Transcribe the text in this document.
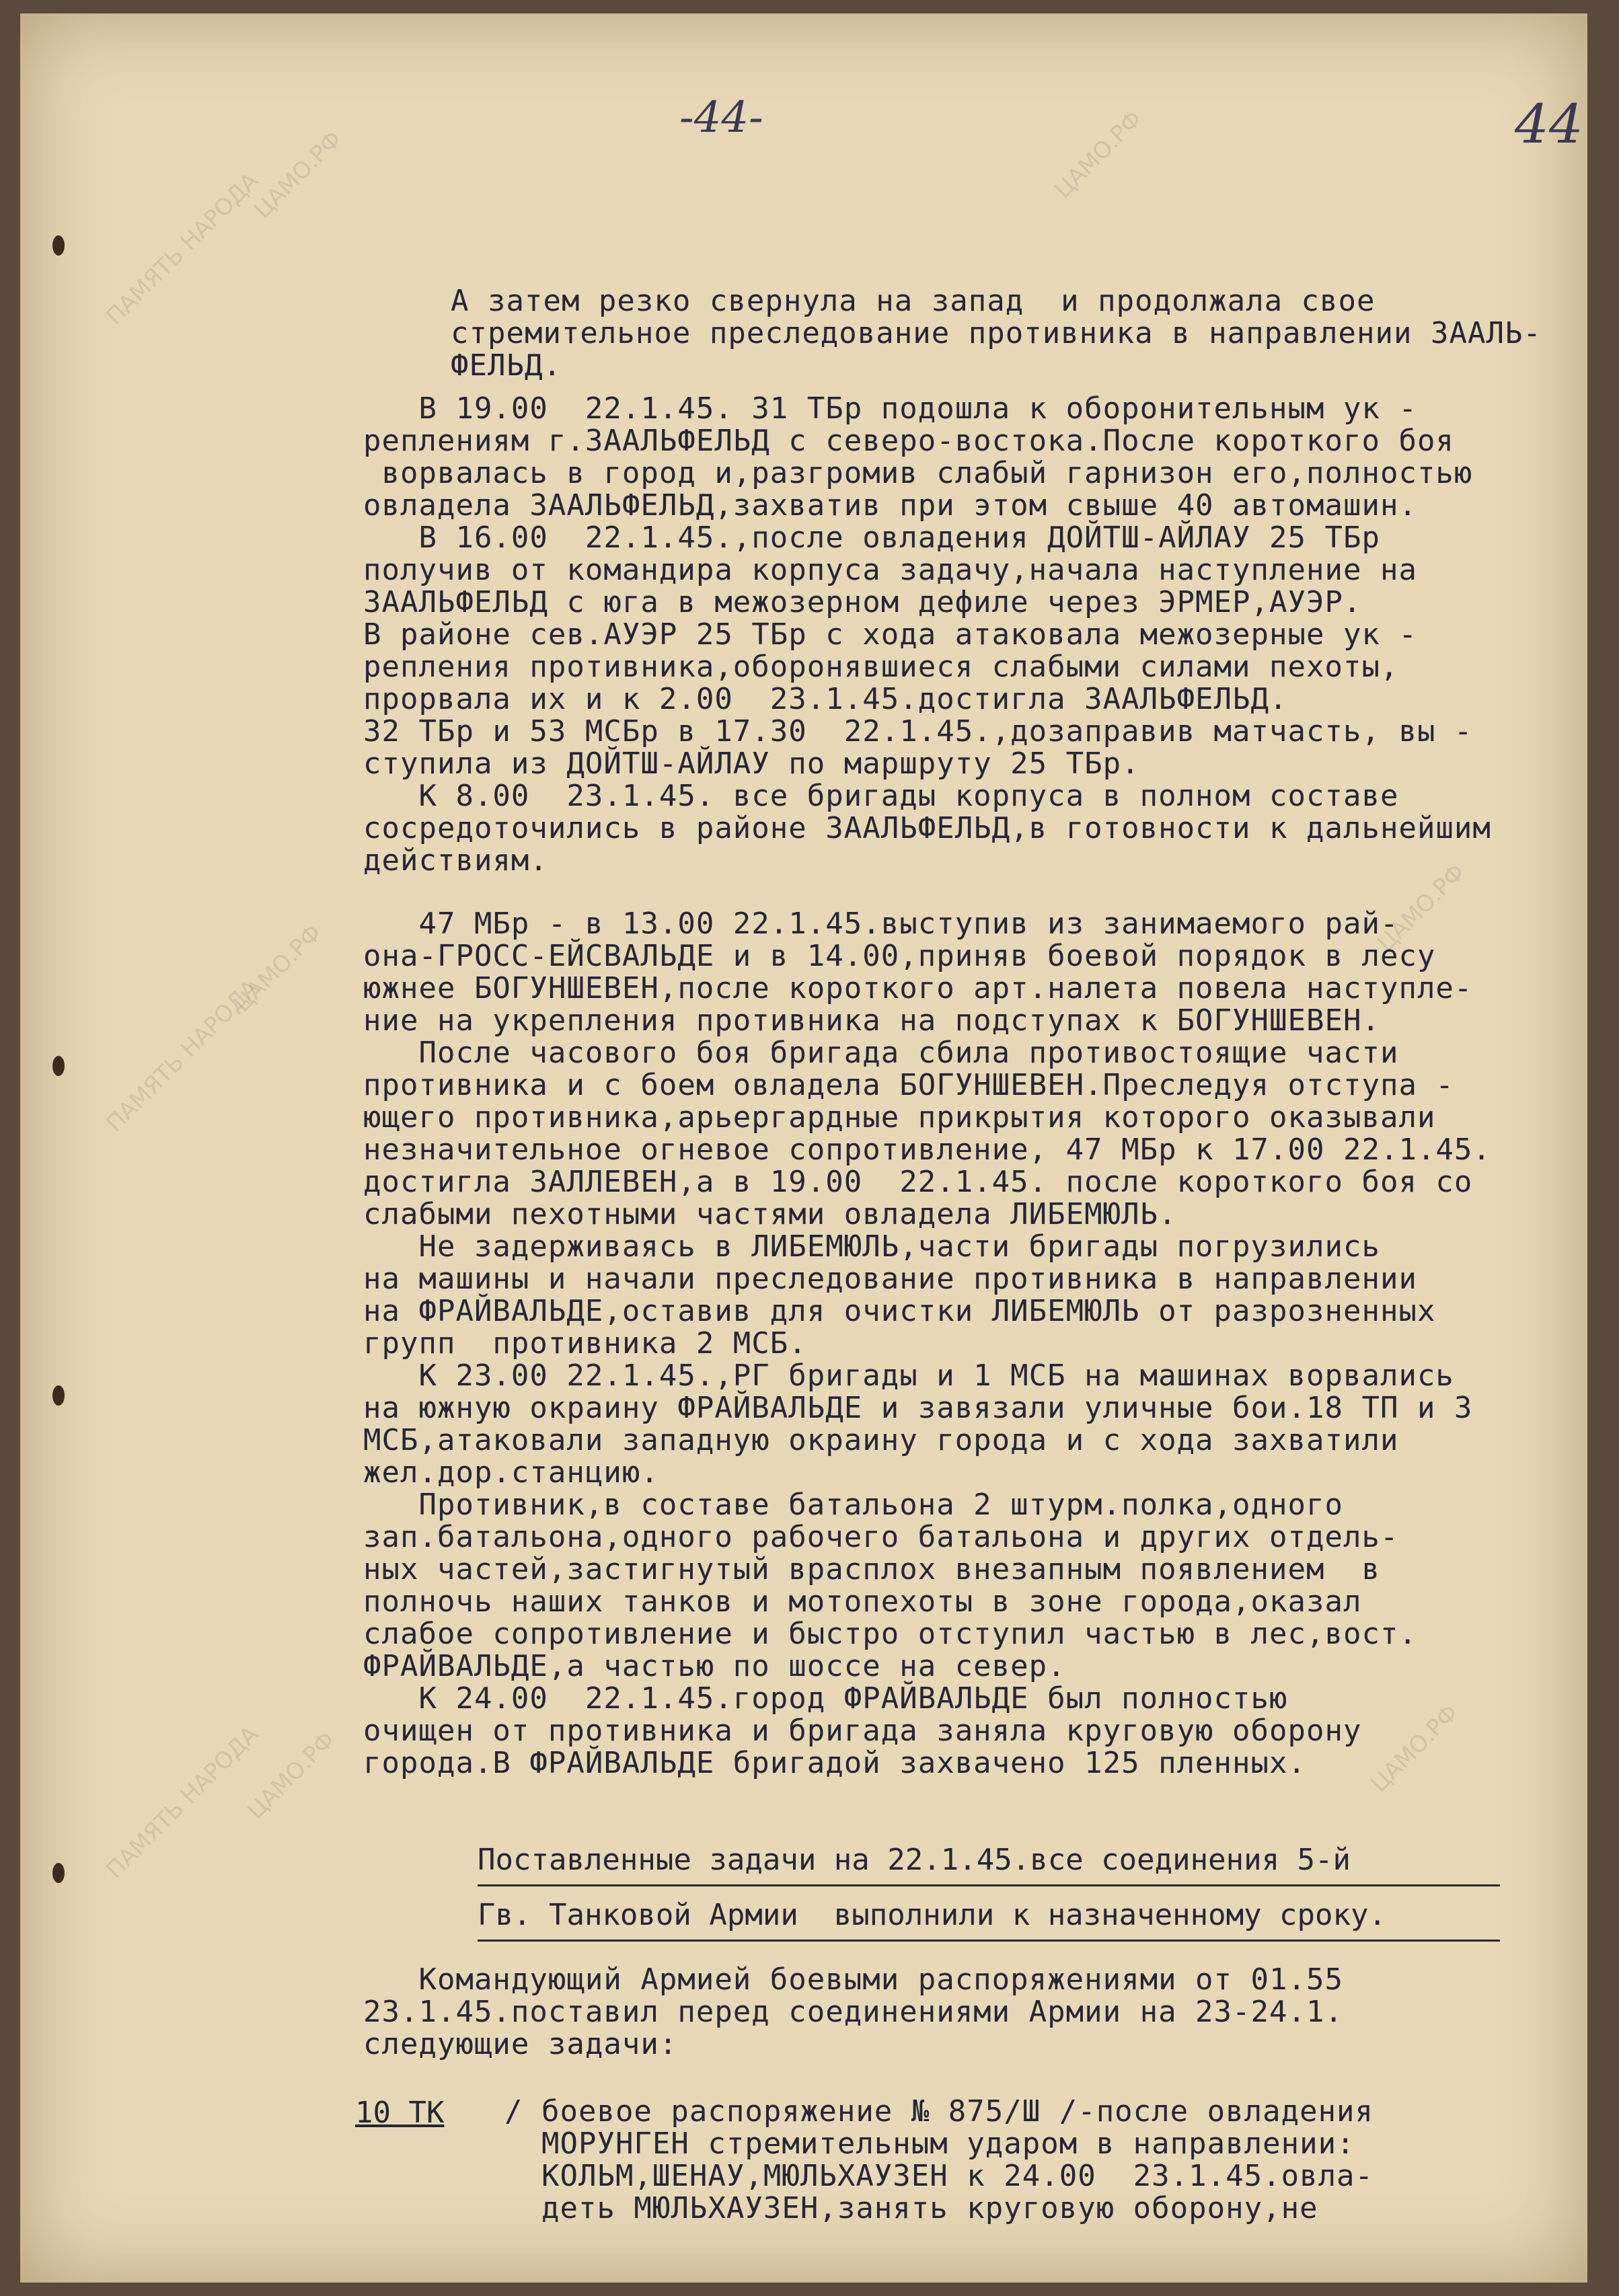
ПАМЯТЬ НАРОДА
ПАМЯТЬ НАРОДА
ПАМЯТЬ НАРОДА
ЦАМО.РФ	ЦАМО.РФ
ЦАМО.РФ
ЦАМО.РФ
ЦАМО.РФ	ЦАМО.РФ
-44-	44
А затем резко свернула на запад  и продолжала свое
стремительное преследование противника в направлении ЗААЛЬ-
ФЕЛЬД.
В 19.00  22.1.45. 31 ТБр подошла к оборонительным ук -
реплениям г.ЗААЛЬФЕЛЬД с северо-востока.После короткого боя
ворвалась в город и,разгромив слабый гарнизон его,полностью
овладела ЗААЛЬФЕЛЬД,захватив при этом свыше 40 автомашин.
В 16.00  22.1.45.,после овладения ДОЙТШ-АЙЛАУ 25 ТБр
получив от командира корпуса задачу,начала наступление на
ЗААЛЬФЕЛЬД с юга в межозерном дефиле через ЭРМЕР,АУЭР.
В районе сев.АУЭР 25 ТБр с хода атаковала межозерные ук -
репления противника,оборонявшиеся слабыми силами пехоты,
прорвала их и к 2.00  23.1.45.достигла ЗААЛЬФЕЛЬД.
32 ТБр и 53 МСБр в 17.30  22.1.45.,дозаправив матчасть, вы -
ступила из ДОЙТШ-АЙЛАУ по маршруту 25 ТБр.
К 8.00  23.1.45. все бригады корпуса в полном составе
сосредоточились в районе ЗААЛЬФЕЛЬД,в готовности к дальнейшим
действиям.
47 МБр - в 13.00 22.1.45.выступив из занимаемого рай-
она-ГРОСС-ЕЙСВАЛЬДЕ и в 14.00,приняв боевой порядок в лесу
южнее БОГУНШЕВЕН,после короткого арт.налета повела наступле-
ние на укрепления противника на подступах к БОГУНШЕВЕН.
После часового боя бригада сбила противостоящие части
противника и с боем овладела БОГУНШЕВЕН.Преследуя отступа -
ющего противника,арьергардные прикрытия которого оказывали
незначительное огневое сопротивление, 47 МБр к 17.00 22.1.45.
достигла ЗАЛЛЕВЕН,а в 19.00  22.1.45. после короткого боя со
слабыми пехотными частями овладела ЛИБЕМЮЛЬ.
Не задерживаясь в ЛИБЕМЮЛЬ,части бригады погрузились
на машины и начали преследование противника в направлении
на ФРАЙВАЛЬДЕ,оставив для очистки ЛИБЕМЮЛЬ от разрозненных
групп  противника 2 МСБ.
К 23.00 22.1.45.,РГ бригады и 1 МСБ на машинах ворвались
на южную окраину ФРАЙВАЛЬДЕ и завязали уличные бои.18 ТП и 3
МСБ,атаковали западную окраину города и с хода захватили
жел.дор.станцию.
Противник,в составе батальона 2 штурм.полка,одного
зап.батальона,одного рабочего батальона и других отдель-
ных частей,застигнутый врасплох внезапным появлением  в
полночь наших танков и мотопехоты в зоне города,оказал
слабое сопротивление и быстро отступил частью в лес,вост.
ФРАЙВАЛЬДЕ,а частью по шоссе на север.
К 24.00  22.1.45.город ФРАЙВАЛЬДЕ был полностью
очищен от противника и бригада заняла круговую оборону
города.В ФРАЙВАЛЬДЕ бригадой захвачено 125 пленных.
Поставленные задачи на 22.1.45.все соединения 5-й
Гв. Танковой Армии  выполнили к назначенному сроку.
Командующий Армией боевыми распоряжениями от 01.55
23.1.45.поставил перед соединениями Армии на 23-24.1.
следующие задачи:
10 ТК / боевое распоряжение № 875/Ш /-после овладения
МОРУНГЕН стремительным ударом в направлении:
КОЛЬМ,ШЕНАУ,МЮЛЬХАУЗЕН к 24.00  23.1.45.овла-
деть МЮЛЬХАУЗЕН,занять круговую оборону,не
